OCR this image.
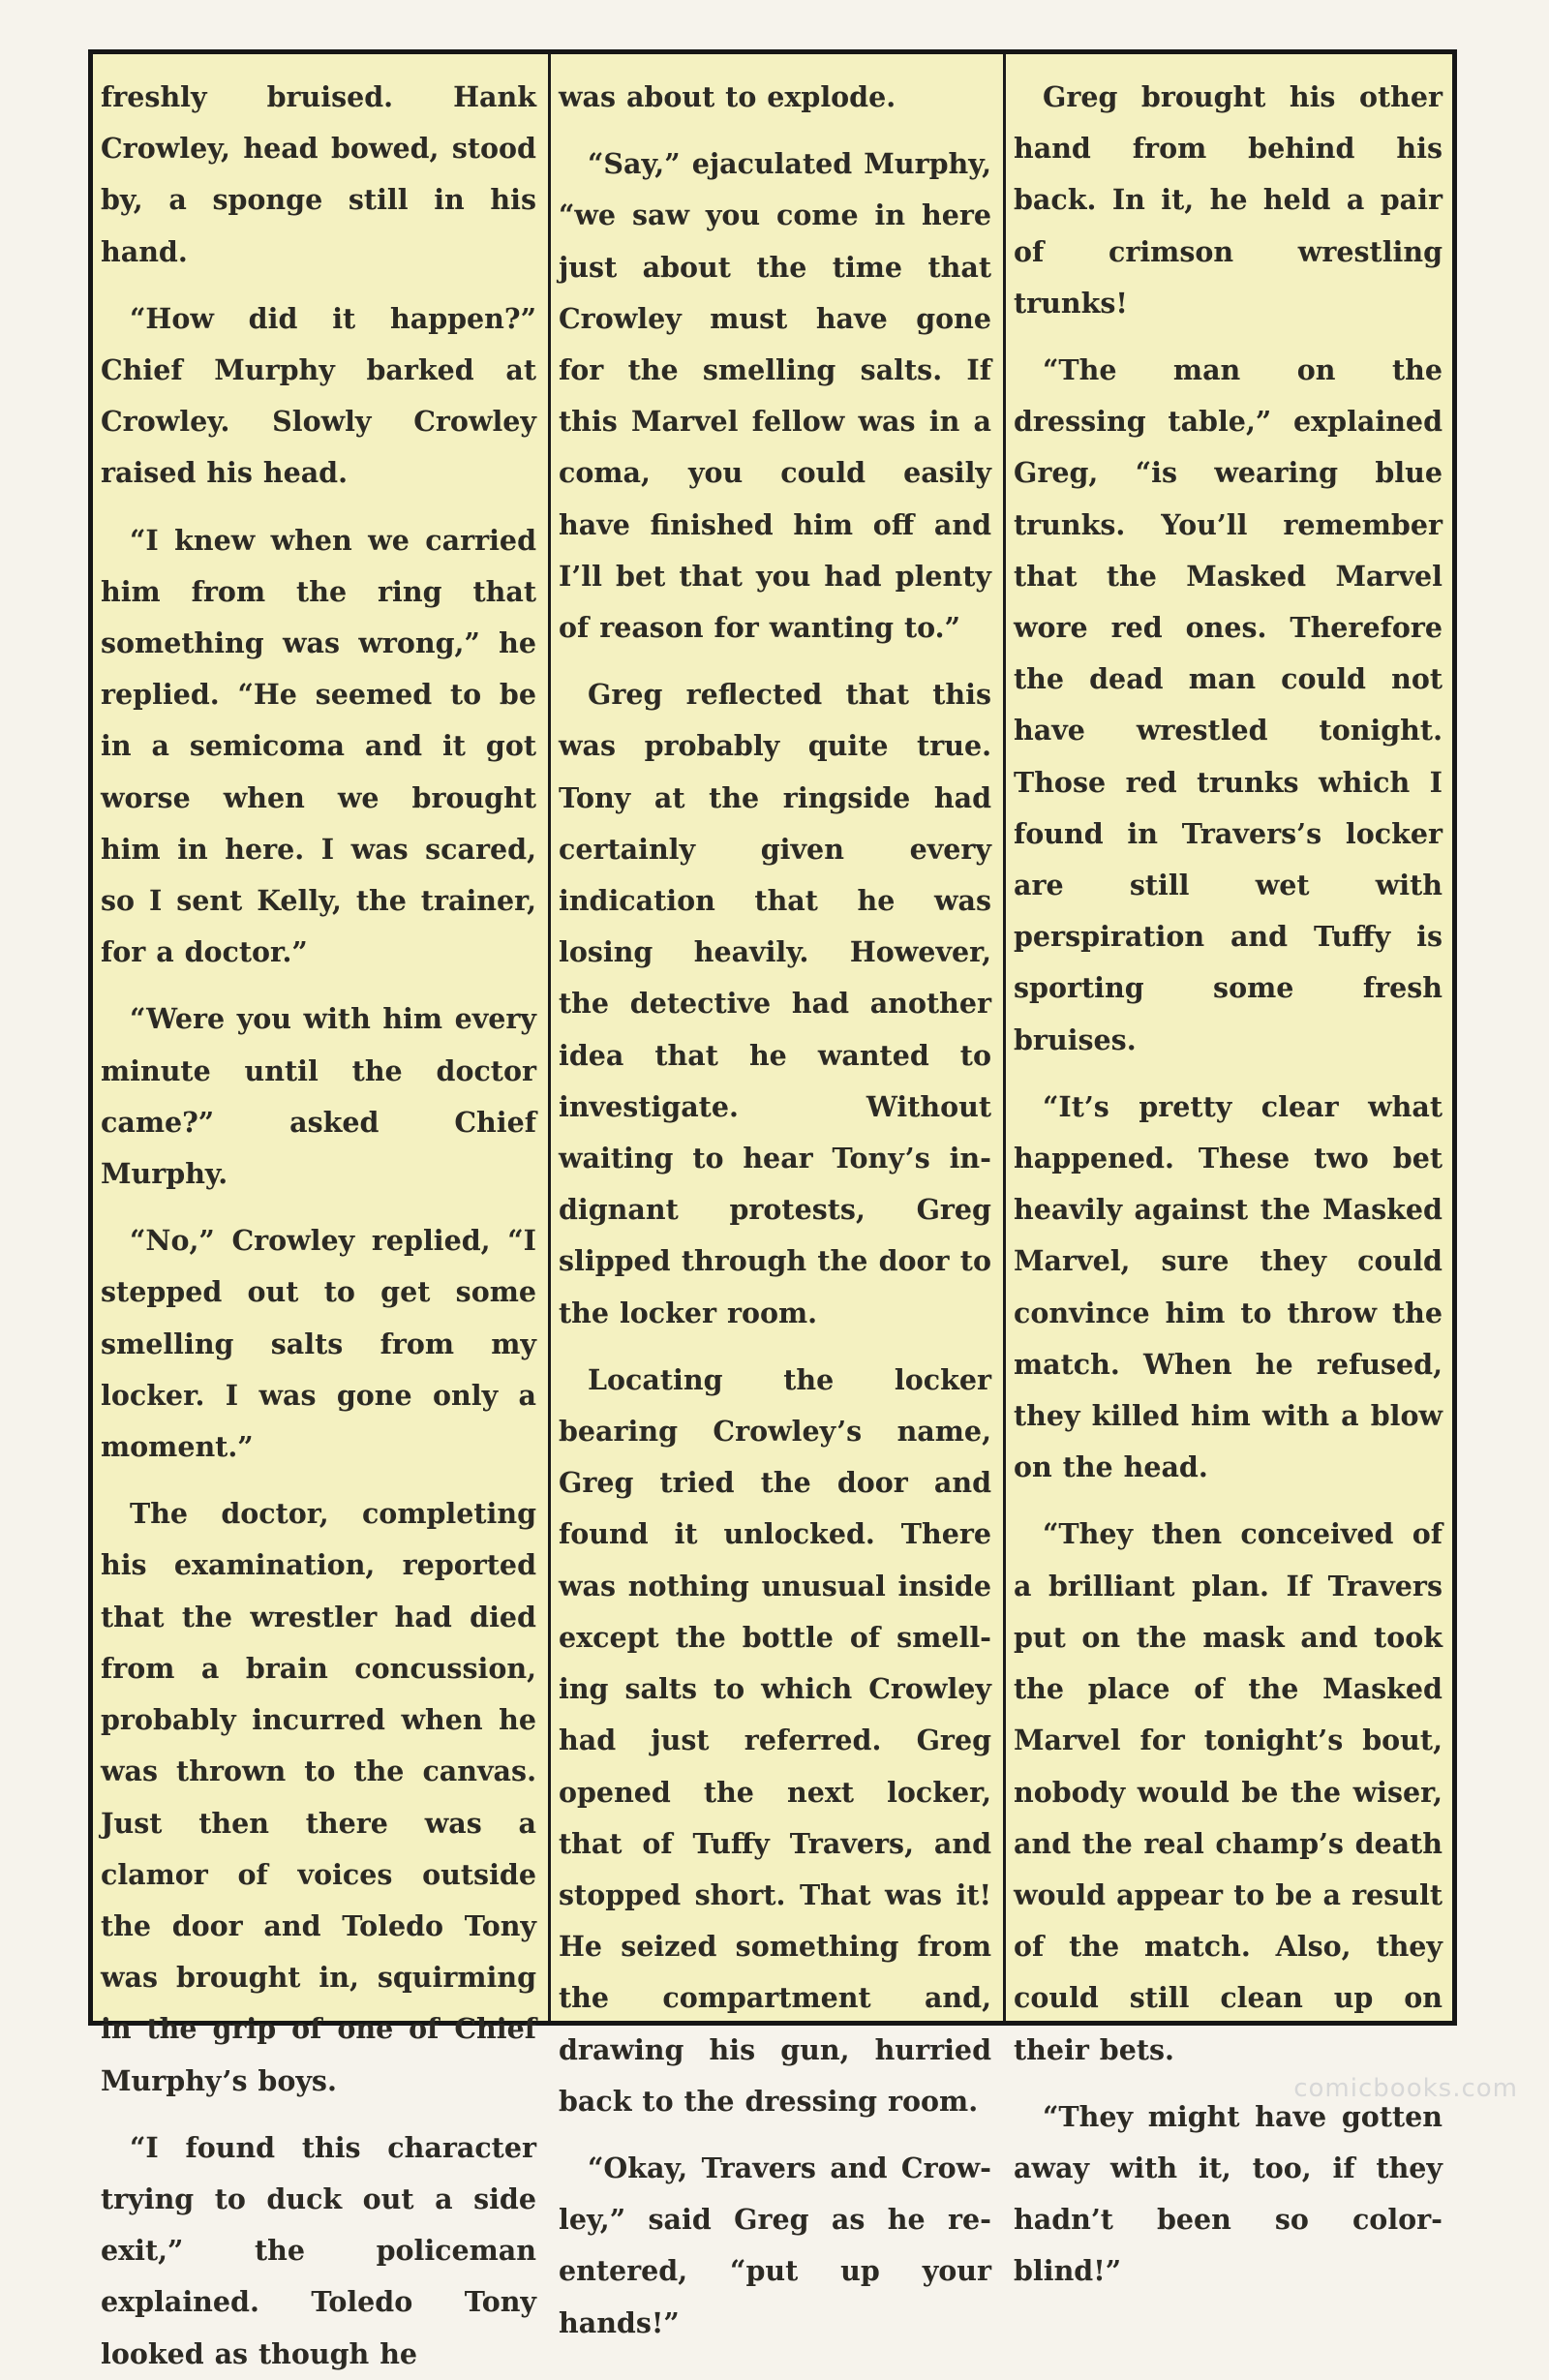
freshly bruised. Hank Crowley, head bowed, stood by, a sponge still in his hand.

“How did it happen?” Chief Murphy barked at Crowley. Slowly Crowley raised his head.

“I knew when we carried him from the ring that something was wrong,” he replied. “He seemed to be in a semicoma and it got worse when we brought him in here. I was scared, so I sent Kelly, the trainer, for a doctor.”

“Were you with him every minute until the doctor came?” asked Chief Murphy.

“No,” Crowley replied, “I stepped out to get some smelling salts from my locker. I was gone only a moment.”

The doctor, completing his examination, reported that the wrestler had died from a brain concussion, probably incurred when he was thrown to the canvas. Just then there was a clamor of voices outside the door and Toledo Tony was brought in, squirming in the grip of one of Chief Murphy’s boys.

“I found this character trying to duck out a side exit,” the policeman explained. Toledo Tony looked as though he

was about to explode.

“Say,” ejaculated Murphy, “we saw you come in here just about the time that Crowley must have gone for the smelling salts. If this Marvel fellow was in a coma, you could easily have finished him off and I’ll bet that you had plenty of reason for wanting to.”

Greg reflected that this was probably quite true. Tony at the ringside had certainly given every indication that he was losing heavily. However, the detective had another idea that he wanted to investigate. Without waiting to hear Tony’s indignant protests, Greg slipped through the door to the locker room.

Locating the locker bearing Crowley’s name, Greg tried the door and found it unlocked. There was nothing unusual inside except the bottle of smelling salts to which Crowley had just referred. Greg opened the next locker, that of Tuffy Travers, and stopped short. That was it! He seized something from the compartment and, drawing his gun, hurried back to the dressing room.

“Okay, Travers and Crowley,” said Greg as he reentered, “put up your hands!”

Greg brought his other hand from behind his back. In it, he held a pair of crimson wrestling trunks!

“The man on the dressing table,” explained Greg, “is wearing blue trunks. You’ll remember that the Masked Marvel wore red ones. Therefore the dead man could not have wrestled tonight. Those red trunks which I found in Travers’s locker are still wet with perspiration and Tuffy is sporting some fresh bruises.

“It’s pretty clear what happened. These two bet heavily against the Masked Marvel, sure they could convince him to throw the match. When he refused, they killed him with a blow on the head.

“They then conceived of a brilliant plan. If Travers put on the mask and took the place of the Masked Marvel for tonight’s bout, nobody would be the wiser, and the real champ’s death would appear to be a result of the match. Also, they could still clean up on their bets.

“They might have gotten away with it, too, if they hadn’t been so color-blind!”

comicbooks.com
